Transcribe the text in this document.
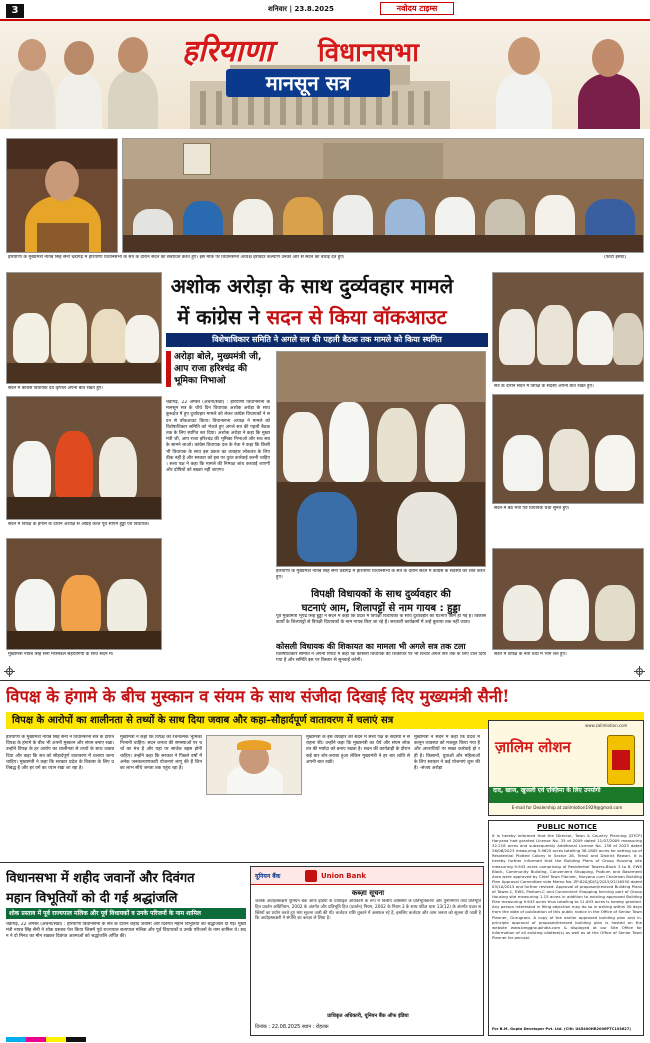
3	शनिवार | 23.8.2025	नवोदय टाइम्स
हरियाणा विधानसभा
मानसून सत्र
हरियाणा के मुख्यमंत्री नायब सिंह सैनी चंडीगढ़ में हरियाणा विधानसभा के सत्र के दौरान सदन को संबोधित करते हुए। इस मौके पर विधानसभा अध्यक्ष हरविंदर कल्याण उनकी ओर से सदन को बधाई देते हुए।	(फोटो इस्पंट)
अशोक अरोड़ा के साथ दुर्व्यवहार मामले
में कांग्रेस ने सदन से किया वॉकआउट
विशेषाधिकार समिति ने अगले सत्र की पहली बैठक तक मामले को किया स्थगित
अरोड़ा बोले, मुख्यमंत्री जी, आप राजा हरिश्चंद्र की भूमिका निभाओ
चंडीगढ़, 22 अगस्त (अर्चना/सेठी) : हरियाणा विधानसभा के मानसून सत्र के चौथे दिन विधायक अशोक अरोड़ा के साथ कुरुक्षेत्र में हुए दुर्व्यवहार मामले को लेकर कांग्रेस विधायकों ने सदन से वॉकआउट किया। विधानसभा अध्यक्ष ने मामले को विशेषाधिकार समिति को भेजते हुए अगले सत्र की पहली बैठक तक के लिए स्थगित कर दिया। अशोक अरोड़ा ने कहा कि मुख्यमंत्री जी, आप राजा हरिश्चंद्र की भूमिका निभाओ और सच सबके सामने लाओ। कांग्रेस विधायक दल के नेता ने कहा कि किसी भी विधायक के साथ इस प्रकार का व्यवहार लोकतंत्र के लिए ठीक नहीं है और सरकार को इस पर तुरंत कार्रवाई करनी चाहिए। सत्ता पक्ष ने कहा कि मामले की निष्पक्ष जांच करवाई जाएगी और दोषियों को बख्शा नहीं जाएगा।
सदन में कांग्रेस विधायक देव कृपाल अपनी बात रखते हुए।
सदन में विपक्ष के हंगामे के दौरान अध्यक्ष से आग्रह करते पूर्व सीएम हुड्डा एवं विधायक।
मुख्यमंत्री नायब सिंह सैनी मंत्रिमंडल सहयोगियों के साथ सदन में।
हरियाणा के मुख्यमंत्री नायब सिंह सैनी चंडीगढ़ में हरियाणा विधानसभा के सत्र के दौरान सदन में कांग्रेस के सदस्यों को शांत करते हुए।
सत्र के दौरान सदन में विपक्ष के सदस्य अपनी बात रखते हुए।
सदन में बैठे मंत्री एवं विधायक चर्चा सुनते हुए।
सदन में विपक्ष के नेता चर्चा में भाग लेते हुए।
विपक्षी विधायकों के साथ दुर्व्यवहार की
घटनाएं आम, शिलापट्टों से नाम गायब : हुड्डा
पूर्व मुख्यमंत्री भूपेंद्र सिंह हुड्डा ने सदन में कहा कि प्रदेश में विपक्षी विधायकों के साथ दुर्व्यवहार की घटनाएं आम हो गई हैं। विकास कार्यों के शिलापट्टों से विपक्षी विधायकों के नाम गायब किए जा रहे हैं। सरकारी कार्यक्रमों में उन्हें बुलाया तक नहीं जाता।
कोसली विधायक की शिकायत का मामला भी अगले सत्र तक टला
विशेषाधिकार समिति ने अपनी रिपोर्ट में कहा कि कोसली विधायक की शिकायत पर भी विचार अगले सत्र तक के लिए टाल दिया गया है और समिति इस पर विस्तार से सुनवाई करेगी।
विपक्ष के हंगामे के बीच मुस्कान व संयम के साथ संजीदा दिखाई दिए मुख्यमंत्री सैनी!
विपक्ष के आरोपों का शालीनता से तथ्यों के साथ दिया जवाब और कहा–सौहार्दपूर्ण वातावरण में चलाएं सत्र
हरियाणा के मुख्यमंत्री नायब सिंह सैनी ने विधानसभा सत्र के दौरान विपक्ष के हंगामे के बीच भी अपनी मुस्कान और संयम बनाए रखा। उन्होंने विपक्ष के हर आरोप का शालीनता से तथ्यों के साथ जवाब दिया और कहा कि सत्र को सौहार्दपूर्ण वातावरण में चलाया जाना चाहिए। मुख्यमंत्री ने कहा कि सरकार प्रदेश के विकास के लिए प्रतिबद्ध है और हर वर्ग का ध्यान रखा जा रहा है।
मुख्यमंत्री ने कहा कि विपक्ष को रचनात्मक भूमिका निभानी चाहिए। सदन जनता की समस्याओं पर चर्चा का मंच है और यहां पर सार्थक बहस होनी चाहिए। उन्होंने कहा कि सरकार ने पिछले वर्षों में अनेक जनकल्याणकारी योजनाएं लागू की हैं जिनका लाभ सीधे जनता तक पहुंच रहा है।
मुख्यमंत्री के इस व्यवहार की सदन में सत्ता पक्ष के सदस्यों ने सराहना की। उन्होंने कहा कि मुख्यमंत्री का धैर्य और संयम लोकतंत्र की मर्यादा को बनाए रखता है। सदन की कार्यवाही के दौरान कई बार शोर-शराबा हुआ लेकिन मुख्यमंत्री ने हर बार शांति से अपनी बात रखी।
मुख्यमंत्री ने सदन में कहा कि प्रदेश में कानून व्यवस्था को मजबूत किया गया है और अपराधियों पर सख्त कार्रवाई हो रही है। किसानों, युवाओं और महिलाओं के लिए सरकार ने कई योजनाएं शुरू की हैं। -संजय अरोड़ा
विधानसभा में शहीद जवानों और दिवंगत
महान विभूतियों को दी गई श्रद्धांजलि
शोक प्रस्ताव में पूर्व राज्यपाल मलिक और पूर्व विधायकों व उनके परिजनों के नाम शामिल
चंडीगढ़, 22 अगस्त (अर्चना/सेठी) : हरियाणा विधानसभा के सत्र के दौरान शहीद जवानों और दिवंगत महान विभूतियों को श्रद्धांजलि दी गई। मुख्यमंत्री नायब सिंह सैनी ने शोक प्रस्ताव पेश किया जिसमें पूर्व राज्यपाल सत्यपाल मलिक और पूर्व विधायकों व उनके परिजनों के नाम शामिल थे। सदन ने दो मिनट का मौन रखकर दिवंगत आत्माओं को श्रद्धांजलि अर्पित की।
यूनियन बैंक	Union Bank
कब्ज़ा सूचना
जबकि अधोहस्ताक्षरी यूनियन बैंक ऑफ इंडिया के प्राधिकृत अधिकारी के रूप में वित्तीय आस्तियों के प्रतिभूतिकरण और पुनर्निर्माण तथा प्रतिभूति हित प्रवर्तन अधिनियम, 2002 के अंतर्गत और प्रतिभूति हित (प्रवर्तन) नियम, 2002 के नियम 3 के साथ पठित धारा 13(12) के अंतर्गत प्रदत्त शक्तियों का प्रयोग करते हुए मांग सूचना जारी की थी। कर्जदार राशि चुकाने में असफल रहे हैं, इसलिए कर्जदार और आम जनता को सूचना दी जाती है कि अधोहस्ताक्षरी ने संपत्ति का कब्ज़ा ले लिया है।
प्राधिकृत अधिकारी, यूनियन बैंक ऑफ इंडिया
दिनांक : 22.08.2025 स्थान : रोहतक
www.zalimlotion.com
ज़ालिम लोशन
दाद, खाज, खुजली एवं एक्ज़िमा के लिए उपयोगी
E-mail for Dealership at zalimlotion1929@gmail.com
PUBLIC NOTICE
It is hereby informed that the Director, Town & Country Planning (DTCP) Haryana had granted License No. 35 of 2009 dated 11/07/2009 measuring 32.218 acres and subsequently Additional License No. 138 of 2023 dated 26/06/2023 measuring 5.9625 acres totalling 38.1805 acres for setting up of Residential Plotted Colony in Sector 26, Tehsil and District Rewari. It is hereby further informed that the Building Plans of Group Housing site measuring 9.943 acres comprising of Residential Towers-Block 3 to 8, EWS Block, Community Building, Convenient Shopping, Podium and Basement Area were approved by Chief Town Planner, Haryana cum Chairman Building Plan Approval Committee vide Memo No. ZP-620/JD(S)/2015/22/16550 dated 03/10/2015 and further revised. Approval of proposed/revised Building Plans of Tower-1, EWS, Podium-C and Convenient Shopping forming part of Group Housing site measuring 1.15 acres in addition to existing approved Building Plan measuring 9.943 acres thus totalling to 11.093 acres is hereby granted. Any person interested in filing objection may do so in writing within 30 days from the date of publication of this public notice in the Office of Senior Town Planner, Gurugram. A copy of the earlier approved building plan and in-principle approval of proposed/revised building plan is hosted on the website www.bmggroupindia.com & displayed at our Site Office for information of all existing allottee(s) as well as at the Office of Senior Town Planner for perusal.
For B.M. Gupta Developer Pvt. Ltd. (CIN: U45400HR2006PTC103627)
